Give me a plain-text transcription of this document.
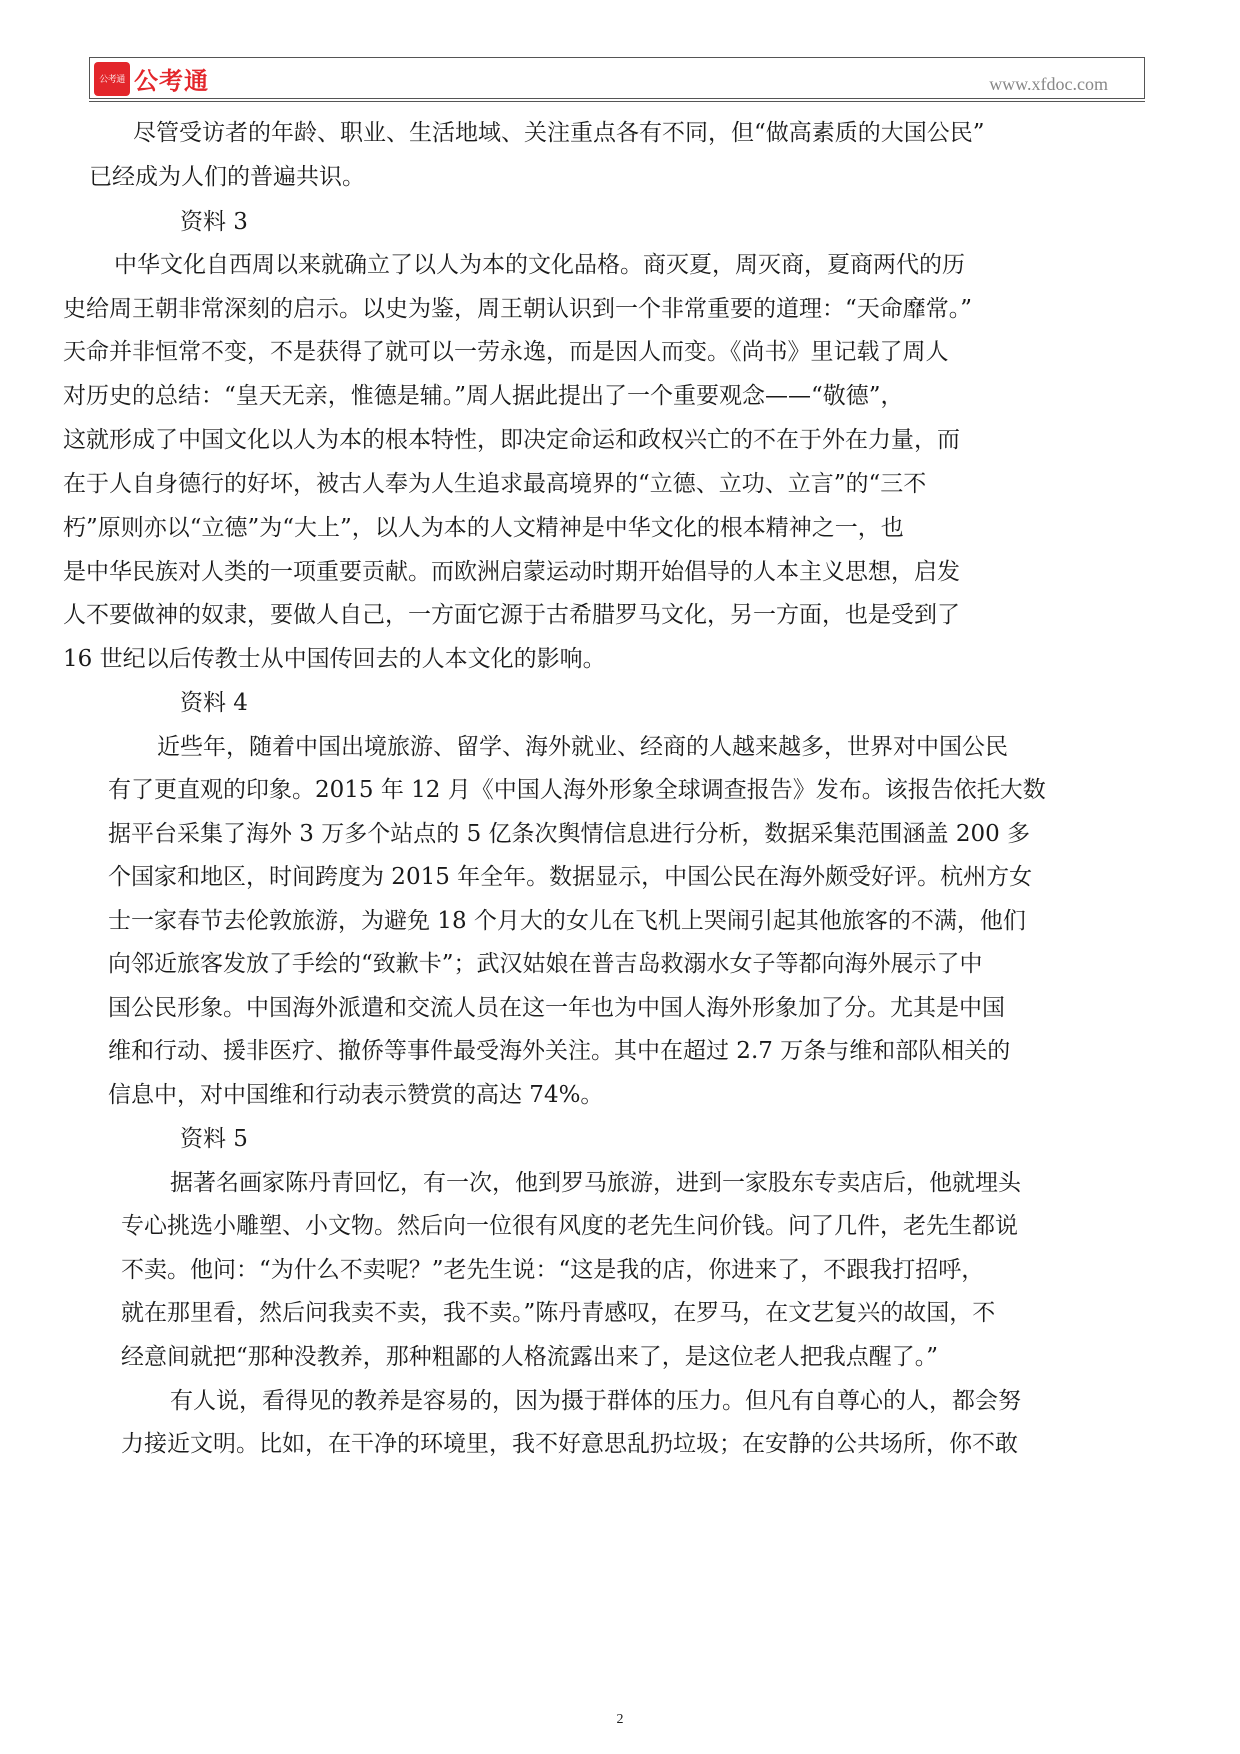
公考通 公考通	www.xfdoc.com
尽管受访者的年龄、职业、生活地域、关注重点各有不同，但“做高素质的大国公民”
已经成为人们的普遍共识。
资料 3
中华文化自西周以来就确立了以人为本的文化品格。商灭夏，周灭商，夏商两代的历
史给周王朝非常深刻的启示。以史为鉴，周王朝认识到一个非常重要的道理：“天命靡常。”
天命并非恒常不变，不是获得了就可以一劳永逸，而是因人而变。《尚书》里记载了周人
对历史的总结：“皇天无亲，惟德是辅。”周人据此提出了一个重要观念——“敬德”，
这就形成了中国文化以人为本的根本特性，即决定命运和政权兴亡的不在于外在力量，而
在于人自身德行的好坏，被古人奉为人生追求最高境界的“立德、立功、立言”的“三不
朽”原则亦以“立德”为“大上”，以人为本的人文精神是中华文化的根本精神之一，也
是中华民族对人类的一项重要贡献。而欧洲启蒙运动时期开始倡导的人本主义思想，启发
人不要做神的奴隶，要做人自己，一方面它源于古希腊罗马文化，另一方面，也是受到了
16 世纪以后传教士从中国传回去的人本文化的影响。
资料 4
近些年，随着中国出境旅游、留学、海外就业、经商的人越来越多，世界对中国公民
有了更直观的印象。2015 年 12 月《中国人海外形象全球调查报告》发布。该报告依托大数
据平台采集了海外 3 万多个站点的 5 亿条次舆情信息进行分析，数据采集范围涵盖 200 多
个国家和地区，时间跨度为 2015 年全年。数据显示，中国公民在海外颇受好评。杭州方女
士一家春节去伦敦旅游，为避免 18 个月大的女儿在飞机上哭闹引起其他旅客的不满，他们
向邻近旅客发放了手绘的“致歉卡”；武汉姑娘在普吉岛救溺水女子等都向海外展示了中
国公民形象。中国海外派遣和交流人员在这一年也为中国人海外形象加了分。尤其是中国
维和行动、援非医疗、撤侨等事件最受海外关注。其中在超过 2.7 万条与维和部队相关的
信息中，对中国维和行动表示赞赏的高达 74%。
资料 5
据著名画家陈丹青回忆，有一次，他到罗马旅游，进到一家股东专卖店后，他就埋头
专心挑选小雕塑、小文物。然后向一位很有风度的老先生问价钱。问了几件，老先生都说
不卖。他问：“为什么不卖呢？”老先生说：“这是我的店，你进来了，不跟我打招呼，
就在那里看，然后问我卖不卖，我不卖。”陈丹青感叹，在罗马，在文艺复兴的故国，不
经意间就把“那种没教养，那种粗鄙的人格流露出来了，是这位老人把我点醒了。”
有人说，看得见的教养是容易的，因为摄于群体的压力。但凡有自尊心的人，都会努
力接近文明。比如，在干净的环境里，我不好意思乱扔垃圾；在安静的公共场所，你不敢
2
